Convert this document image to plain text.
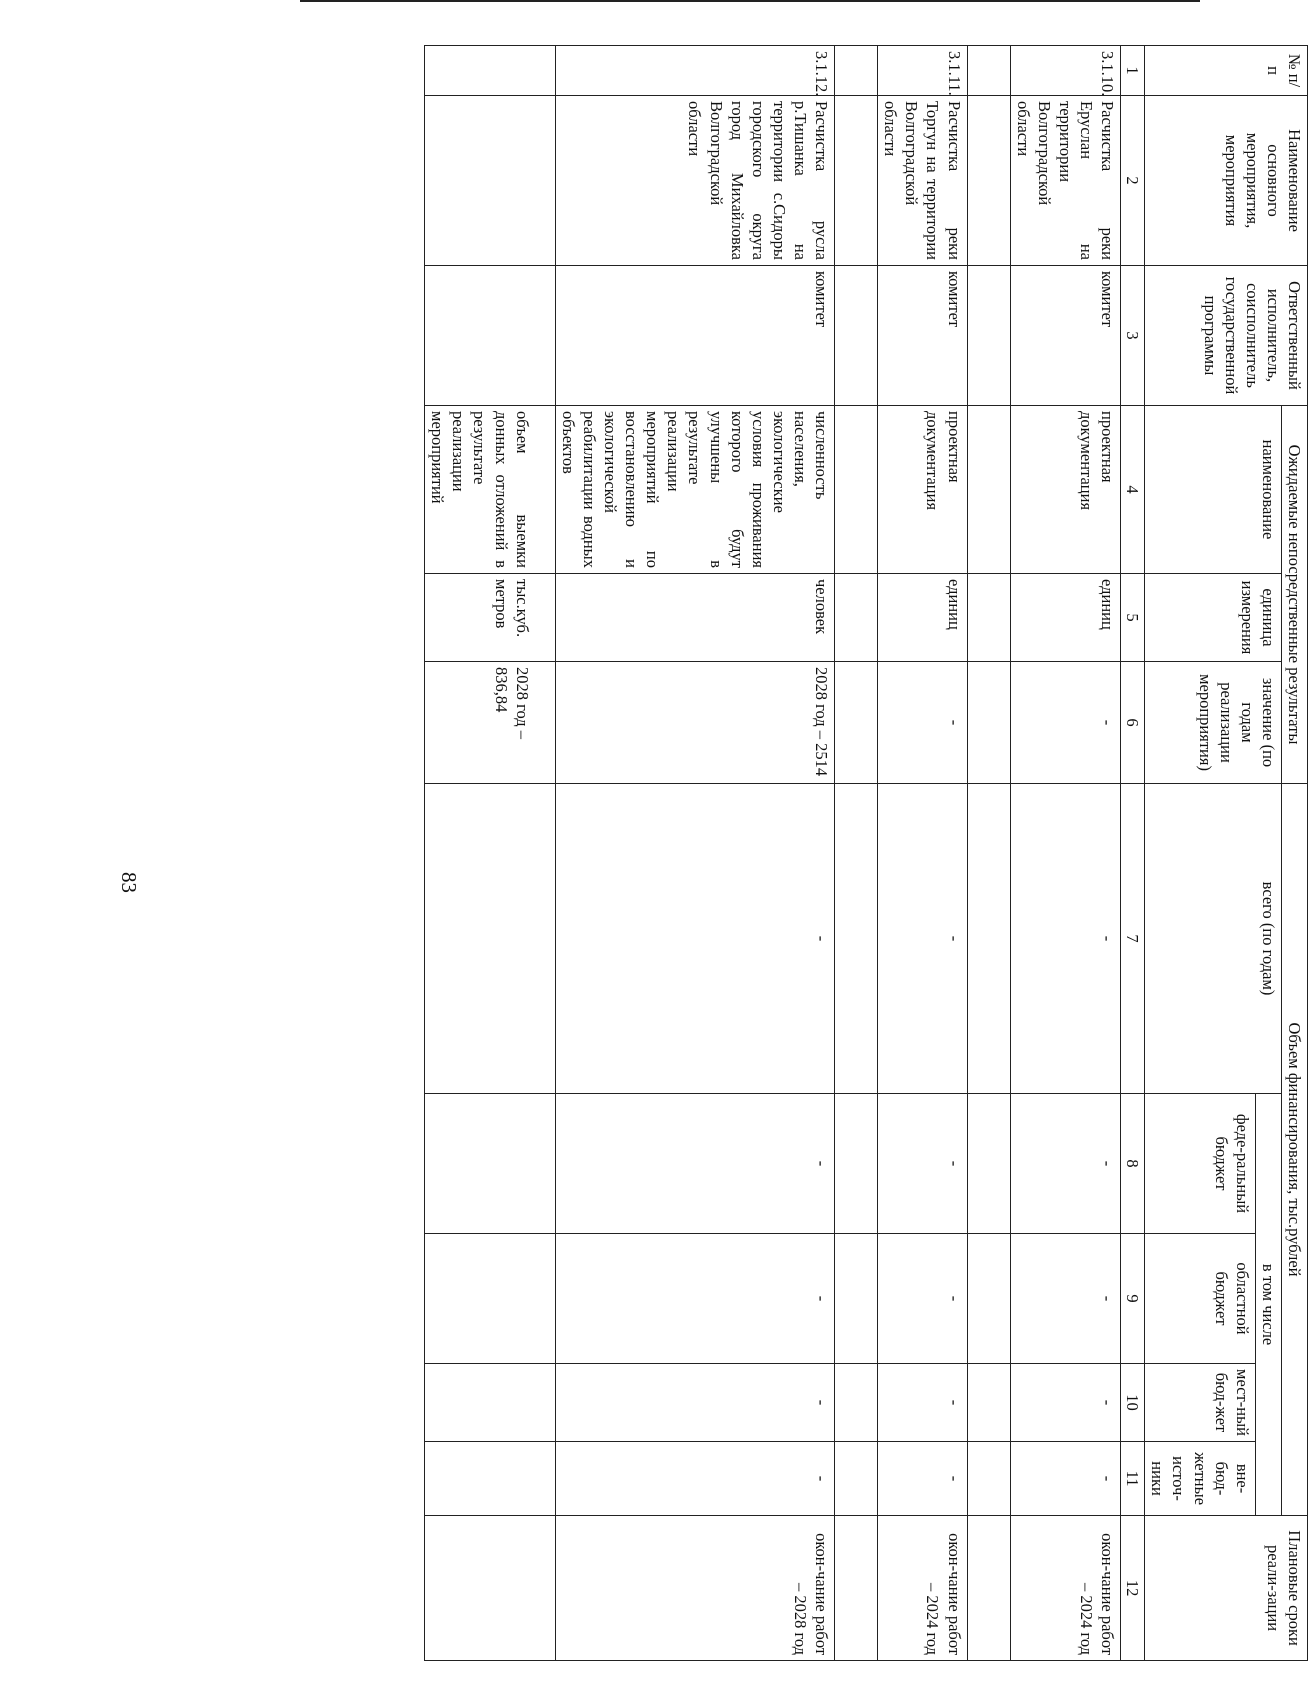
83
№ п/п	Наименование основного мероприятия, мероприятия	Ответственный исполнитель, соисполнитель государственной программы	Ожидаемые непосредственные результаты			Объем финансирования, тыс.рублей					Плановые сроки реали-зации
			наименование	единица измерения	значение (по годам реализации мероприятия)	всего (по годам)	в том числе				
							феде-ральный бюджет	областной бюджет	мест-ный бюд-жет	вне-бюд-жетные источ-ники	
1	2	3	4	5	6	7	8	9	10	11	12
3.1.10.	Расчистка реки Еруслан на территории Волгоградской области	комитет	проектная документация	единиц	-	-	-	-	-	-	окон-чание работ – 2024 год

3.1.11.	Расчистка реки Торгун на территории Волгоградской области	комитет	проектная документация	единиц	-	-	-	-	-	-	окон-чание работ – 2024 год

3.1.12.	Расчистка русла р.Тишанка на территории с.Сидоры городского округа город Михайловка Волгоградской области	комитет	численность населения, экологические условия проживания которого будут улучшены в результате реализации мероприятий по восстановлению и экологической реабилитации водных объектов	человек	2028 год – 2514	-	-	-	-	-	окон-чание работ – 2028 год
			объем выемки донных отложений в результате реализации мероприятий	тыс.куб. метров	2028 год – 836,84						
